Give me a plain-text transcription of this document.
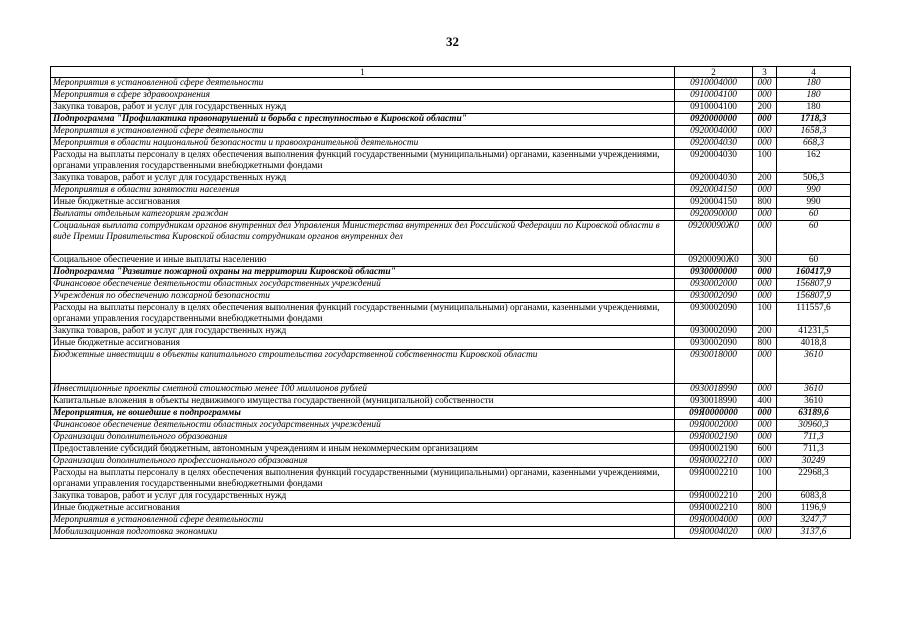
32
1	2	3	4
Мероприятия в установленной сфере деятельности	0910004000	000	180
Мероприятия в сфере здравоохранения	0910004100	000	180
Закупка товаров, работ и услуг для государственных нужд	0910004100	200	180
Подпрограмма "Профилактика правонарушений и борьба с преступностью в Кировской области"	0920000000	000	1718,3
Мероприятия в установленной сфере деятельности	0920004000	000	1658,3
Мероприятия в области национальной безопасности и правоохранительной деятельности	0920004030	000	668,3
Расходы на выплаты персоналу в целях обеспечения выполнения функций государственными (муниципальными) органами, казенными учреждениями, органами управления государственными внебюджетными фондами	0920004030	100	162
Закупка товаров, работ и услуг для государственных нужд	0920004030	200	506,3
Мероприятия в области занятости населения	0920004150	000	990
Иные бюджетные ассигнования	0920004150	800	990
Выплаты отдельным категориям граждан	0920090000	000	60
Социальная выплата сотрудникам органов внутренних дел Управления Министерства внутренних дел Российской Федерации по Кировской области в виде Премии Правительства Кировской области сотрудникам органов внутренних дел	09200090Ж0	000	60
Социальное обеспечение и иные выплаты населению	09200090Ж0	300	60
Подпрограмма "Развитие пожарной охраны на территории Кировской области"	0930000000	000	160417,9
Финансовое обеспечение деятельности областных государственных учреждений	0930002000	000	156807,9
Учреждения по обеспечению пожарной безопасности	0930002090	000	156807,9
Расходы на выплаты персоналу в целях обеспечения выполнения функций государственными (муниципальными) органами, казенными учреждениями, органами управления государственными внебюджетными фондами	0930002090	100	111557,6
Закупка товаров, работ и услуг для государственных нужд	0930002090	200	41231,5
Иные бюджетные ассигнования	0930002090	800	4018,8
Бюджетные инвестиции в объекты капитального строительства государственной собственности Кировской области	0930018000	000	3610
Инвестиционные проекты сметной стоимостью менее 100 миллионов рублей	0930018990	000	3610
Капитальные вложения в объекты недвижимого имущества государственной (муниципальной) собственности	0930018990	400	3610
Мероприятия, не вошедшие в подпрограммы	09Я0000000	000	63189,6
Финансовое обеспечение деятельности областных государственных учреждений	09Я0002000	000	30960,3
Организации дополнительного образования	09Я0002190	000	711,3
Предоставление субсидий бюджетным, автономным учреждениям и иным некоммерческим организациям	09Я0002190	600	711,3
Организации дополнительного профессионального образования	09Я0002210	000	30249
Расходы на выплаты персоналу в целях обеспечения выполнения функций государственными (муниципальными) органами, казенными учреждениями, органами управления государственными внебюджетными фондами	09Я0002210	100	22968,3
Закупка товаров, работ и услуг для государственных нужд	09Я0002210	200	6083,8
Иные бюджетные ассигнования	09Я0002210	800	1196,9
Мероприятия в установленной сфере деятельности	09Я0004000	000	3247,7
Мобилизационная подготовка экономики	09Я0004020	000	3137,6
